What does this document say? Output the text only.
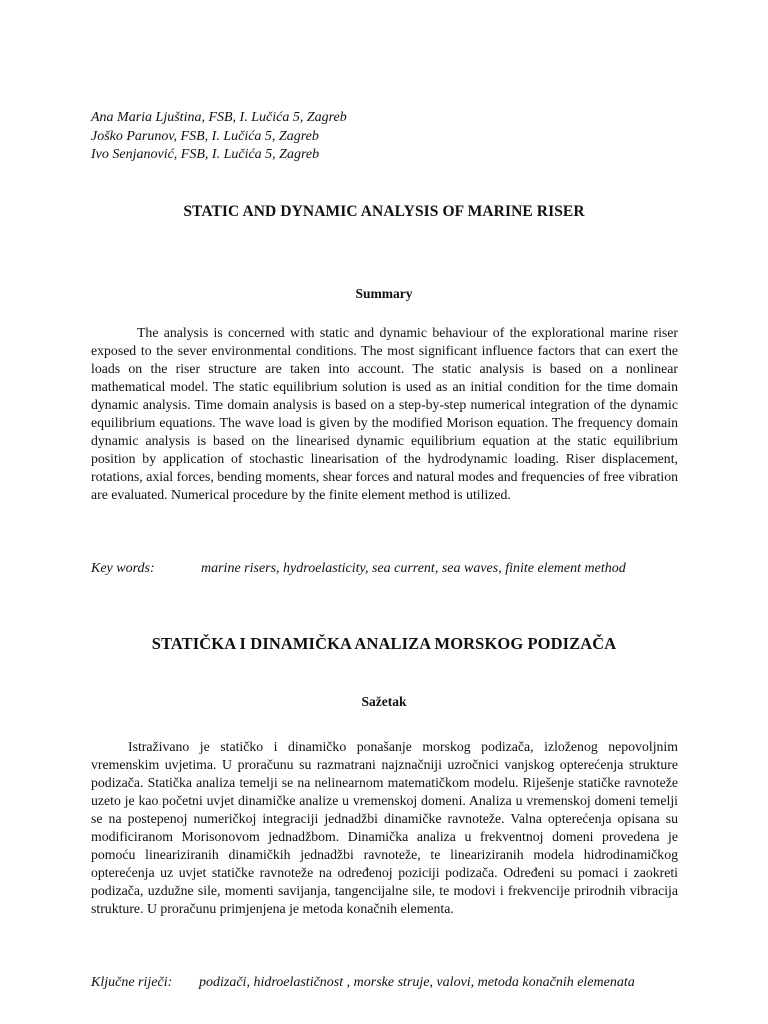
Ana Maria Ljuština, FSB, I. Lučića 5, Zagreb
Joško Parunov, FSB, I. Lučića 5, Zagreb
Ivo Senjanović, FSB, I. Lučića 5, Zagreb
STATIC AND DYNAMIC ANALYSIS OF MARINE RISER
Summary

The analysis is concerned with static and dynamic behaviour of the explorational marine riser exposed to the sever environmental conditions. The most significant influence factors that can exert the loads on the riser structure are taken into account. The static analysis is based on a nonlinear mathematical model. The static equilibrium solution is used as an initial condition for the time domain dynamic analysis. Time domain analysis is based on a step-by-step numerical integration of the dynamic equilibrium equations. The wave load is given by the modified Morison equation. The frequency domain dynamic analysis is based on the linearised dynamic equilibrium equation at the static equilibrium position by application of stochastic linearisation of the hydrodynamic loading. Riser displacement, rotations, axial forces, bending moments, shear forces and natural modes and frequencies of free vibration are evaluated. Numerical procedure by the finite element method is utilized.

Key words:	marine risers, hydroelasticity, sea current, sea waves, finite element method
STATIČKA I DINAMIČKA ANALIZA MORSKOG PODIZAČA
Sažetak

Istraživano je statičko i dinamičko ponašanje morskog podizača, izloženog nepovoljnim vremenskim uvjetima. U proračunu su razmatrani najznačniji uzročnici vanjskog opterećenja strukture podizača. Statička analiza temelji se na nelinearnom matematičkom modelu. Riješenje statičke ravnoteže uzeto je kao početni uvjet dinamičke analize u vremenskoj domeni. Analiza u vremenskoj domeni temelji se na postepenoj numeričkoj integraciji jednadžbi dinamičke ravnoteže. Valna opterećenja opisana su modificiranom Morisonovom jednadžbom. Dinamička analiza u frekventnoj domeni provedena je pomoću lineariziranih dinamičkih jednadžbi ravnoteže, te lineariziranih modela hidrodinamičkog opterećenja uz uvjet statičke ravnoteže na određenoj poziciji podizača. Određeni su pomaci i zaokreti podizača, uzdužne sile, momenti savijanja, tangencijalne sile, te modovi i frekvencije prirodnih vibracija strukture. U proračunu primjenjena je metoda konačnih elementa.

Ključne riječi: podizači, hidroelastičnost , morske struje, valovi, metoda konačnih elemenata
